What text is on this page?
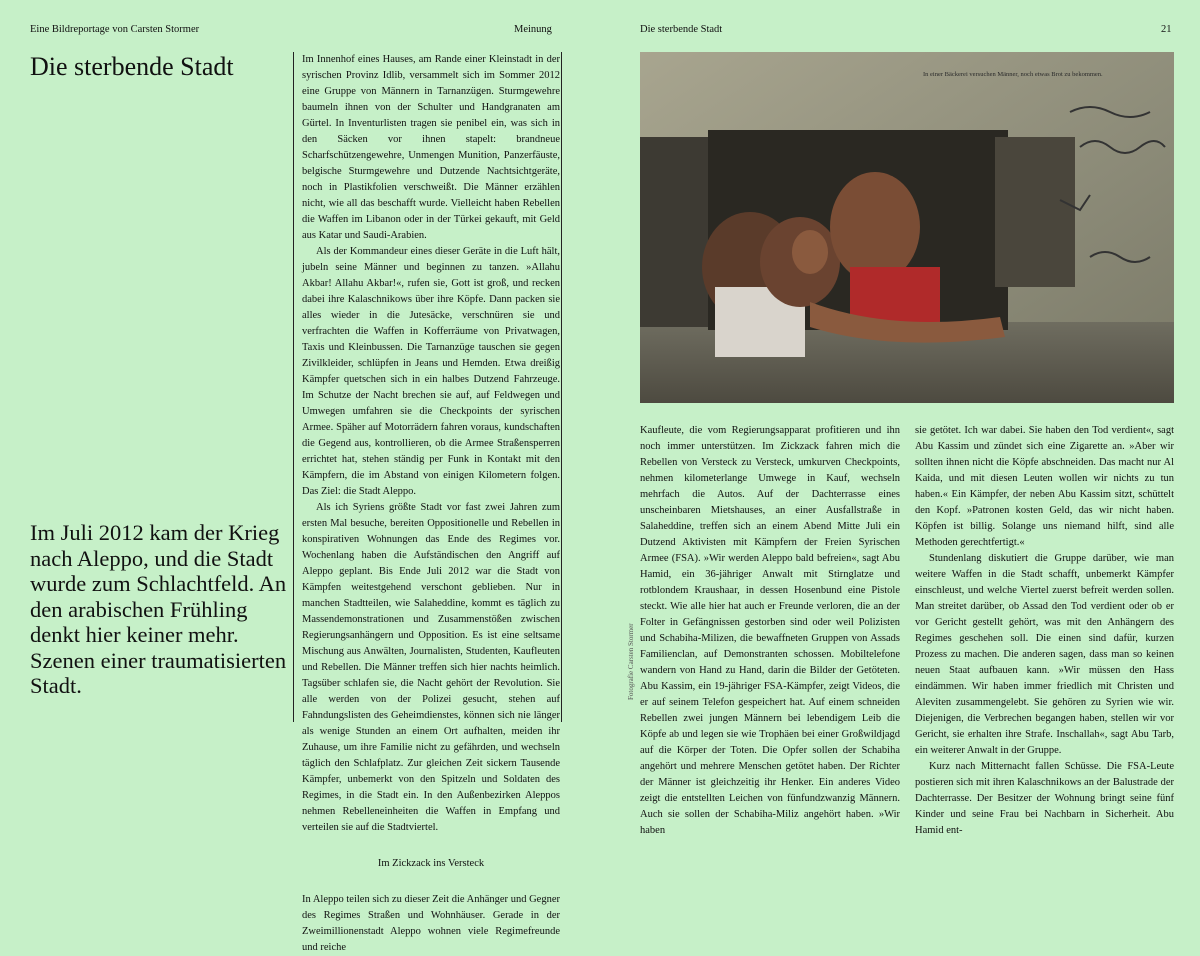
Eine Bildreportage von Carsten Stormer	Meinung	Die sterbende Stadt	21
Die sterbende Stadt

Im Juli 2012 kam der Krieg nach Aleppo, und die Stadt wurde zum Schlachtfeld. An den arabischen Frühling denkt hier keiner mehr. Szenen einer traumatisierten Stadt.

Im Innenhof eines Hauses, am Rande einer Kleinstadt in der syrischen Provinz Idlib, versammelt sich im Sommer 2012 eine Gruppe von Männern in Tarnanzügen. Sturmgewehre baumeln ihnen von der Schulter und Handgranaten am Gürtel. In Inventurlisten tragen sie penibel ein, was sich in den Säcken vor ihnen stapelt: brandneue Scharfschützengewehre, Unmengen Munition, Panzerfäuste, belgische Sturmgewehre und Dutzende Nachtsichtgeräte, noch in Plastikfolien verschweißt. Die Männer erzählen nicht, wie all das beschafft wurde. Vielleicht haben Rebellen die Waffen im Libanon oder in der Türkei gekauft, mit Geld aus Katar und Saudi-Arabien.

Als der Kommandeur eines dieser Geräte in die Luft hält, jubeln seine Männer und beginnen zu tanzen. »Allahu Akbar! Allahu Akbar!«, rufen sie, Gott ist groß, und recken dabei ihre Kalaschnikows über ihre Köpfe. Dann packen sie alles wieder in die Jutesäcke, verschnüren sie und verfrachten die Waffen in Kofferräume von Privatwagen, Taxis und Kleinbussen. Die Tarnanzüge tauschen sie gegen Zivilkleider, schlüpfen in Jeans und Hemden. Etwa dreißig Kämpfer quetschen sich in ein halbes Dutzend Fahrzeuge. Im Schutze der Nacht brechen sie auf, auf Feldwegen und Umwegen umfahren sie die Checkpoints der syrischen Armee. Späher auf Motorrädern fahren voraus, kundschaften die Gegend aus, kontrollieren, ob die Armee Straßensperren errichtet hat, stehen ständig per Funk in Kontakt mit den Kämpfern, die im Abstand von einigen Kilometern folgen. Das Ziel: die Stadt Aleppo.

Als ich Syriens größte Stadt vor fast zwei Jahren zum ersten Mal besuche, bereiten Oppositionelle und Rebellen in konspirativen Wohnungen das Ende des Regimes vor. Wochenlang haben die Aufständischen den Angriff auf Aleppo geplant. Bis Ende Juli 2012 war die Stadt von Kämpfen weitestgehend verschont geblieben. Nur in manchen Stadtteilen, wie Salaheddine, kommt es täglich zu Massendemonstrationen und Zusammenstößen zwischen Regierungsanhängern und Opposition. Es ist eine seltsame Mischung aus Anwälten, Journalisten, Studenten, Kaufleuten und Rebellen. Die Männer treffen sich hier nachts heimlich. Tagsüber schlafen sie, die Nacht gehört der Revolution. Sie alle werden von der Polizei gesucht, stehen auf Fahndungslisten des Geheimdienstes, können sich nie länger als wenige Stunden an einem Ort aufhalten, meiden ihr Zuhause, um ihre Familie nicht zu gefährden, und wechseln täglich den Schlafplatz. Zur gleichen Zeit sickern Tausende Kämpfer, unbemerkt von den Spitzeln und Soldaten des Regimes, in die Stadt ein. In den Außenbezirken Aleppos nehmen Rebelleneinheiten die Waffen in Empfang und verteilen sie auf die Stadtviertel.

Im Zickzack ins Versteck

In Aleppo teilen sich zu dieser Zeit die Anhänger und Gegner des Regimes Straßen und Wohnhäuser. Gerade in der Zweimillionenstadt Aleppo wohnen viele Regimefreunde und reiche

In einer Bäckerei versuchen Männer, noch etwas Brot zu bekommen.
Fotografie Carsten Stormer

Kaufleute, die vom Regierungsapparat profitieren und ihn noch immer unterstützen. Im Zickzack fahren mich die Rebellen von Versteck zu Versteck, umkurven Checkpoints, nehmen kilometerlange Umwege in Kauf, wechseln mehrfach die Autos. Auf der Dachterrasse eines unscheinbaren Mietshauses, an einer Ausfallstraße in Salaheddine, treffen sich an einem Abend Mitte Juli ein Dutzend Aktivisten mit Kämpfern der Freien Syrischen Armee (FSA). »Wir werden Aleppo bald befreien«, sagt Abu Hamid, ein 36-jähriger Anwalt mit Stirnglatze und rotblondem Kraushaar, in dessen Hosenbund eine Pistole steckt. Wie alle hier hat auch er Freunde verloren, die an der Folter in Gefängnissen gestorben sind oder weil Polizisten und Schabiha-Milizen, die bewaffneten Gruppen von Assads Familienclan, auf Demonstranten schossen. Mobiltelefone wandern von Hand zu Hand, darin die Bilder der Getöteten. Abu Kassim, ein 19-jähriger FSA-Kämpfer, zeigt Videos, die er auf seinem Telefon gespeichert hat. Auf einem schneiden Rebellen zwei jungen Männern bei lebendigem Leib die Köpfe ab und legen sie wie Trophäen bei einer Großwildjagd auf die Körper der Toten. Die Opfer sollen der Schabiha angehört und mehrere Menschen getötet haben. Der Richter der Männer ist gleichzeitig ihr Henker. Ein anderes Video zeigt die entstellten Leichen von fünfundzwanzig Männern. Auch sie sollen der Schabiha-Miliz angehört haben. »Wir haben

sie getötet. Ich war dabei. Sie haben den Tod verdient«, sagt Abu Kassim und zündet sich eine Zigarette an. »Aber wir sollten ihnen nicht die Köpfe abschneiden. Das macht nur Al Kaida, und mit diesen Leuten wollen wir nichts zu tun haben.« Ein Kämpfer, der neben Abu Kassim sitzt, schüttelt den Kopf. »Patronen kosten Geld, das wir nicht haben. Köpfen ist billig. Solange uns niemand hilft, sind alle Methoden gerechtfertigt.«

Stundenlang diskutiert die Gruppe darüber, wie man weitere Waffen in die Stadt schafft, unbemerkt Kämpfer einschleust, und welche Viertel zuerst befreit werden sollen. Man streitet darüber, ob Assad den Tod verdient oder ob er vor Gericht gestellt gehört, was mit den Anhängern des Regimes geschehen soll. Die einen sind dafür, kurzen Prozess zu machen. Die anderen sagen, dass man so keinen neuen Staat aufbauen kann. »Wir müssen den Hass eindämmen. Wir haben immer friedlich mit Christen und Aleviten zusammengelebt. Sie gehören zu Syrien wie wir. Diejenigen, die Verbrechen begangen haben, stellen wir vor Gericht, sie erhalten ihre Strafe. Inschallah«, sagt Abu Tarb, ein weiterer Anwalt in der Gruppe.

Kurz nach Mitternacht fallen Schüsse. Die FSA-Leute postieren sich mit ihren Kalaschnikows an der Balustrade der Dachterrasse. Der Besitzer der Wohnung bringt seine fünf Kinder und seine Frau bei Nachbarn in Sicherheit. Abu Hamid ent-
